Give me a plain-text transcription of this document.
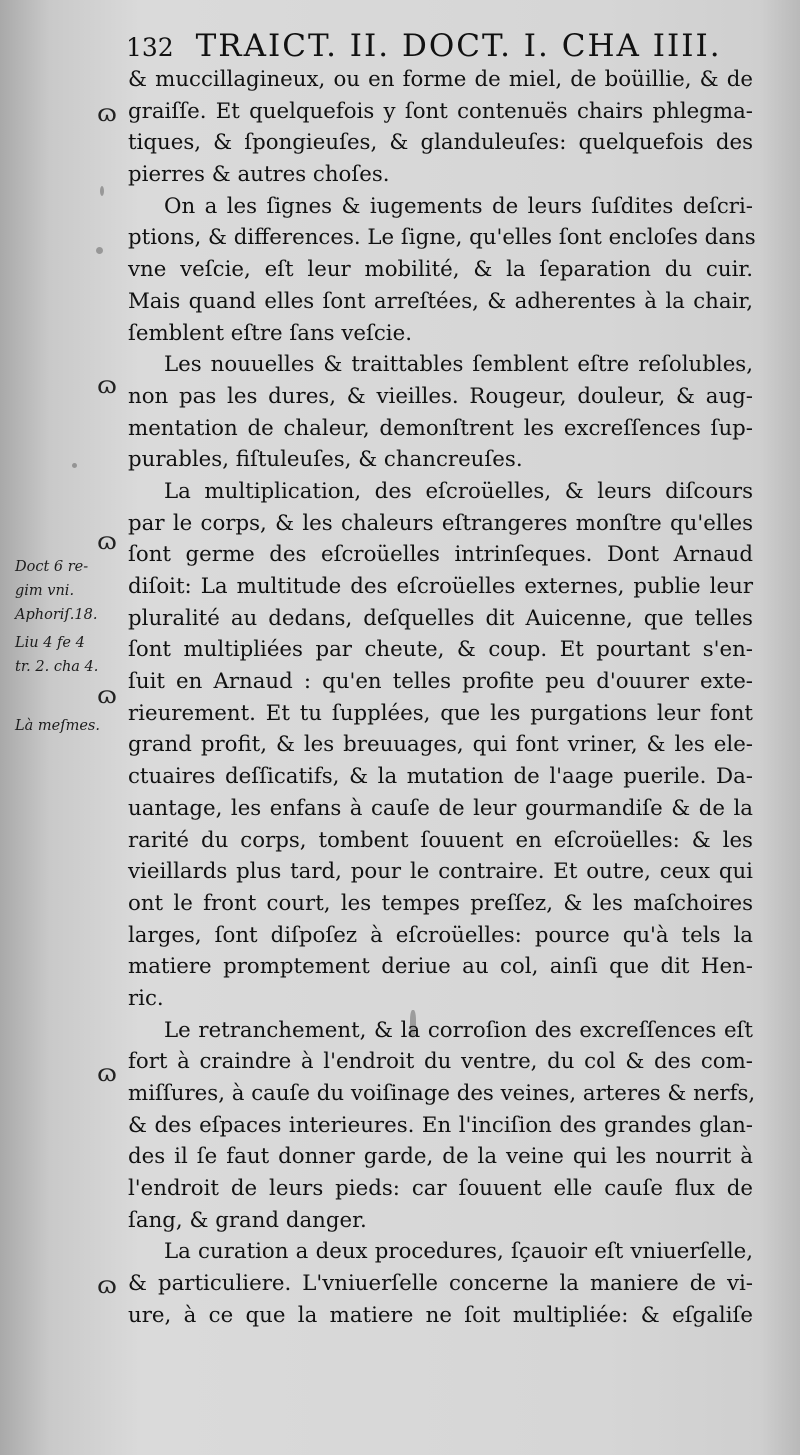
132 TRAICT. II. DOCT. I. CHA IIII.
& muccillagineux, ou en forme de miel, de boüillie, & de
graiſſe. Et quelquefois y ſont contenuës chairs phlegma-
tiques, & ſpongieuſes, & glanduleuſes: quelquefois des
pierres & autres choſes.
On a les ſignes & iugements de leurs ſuſdites deſcri-
ptions, & differences. Le ſigne, qu'elles ſont encloſes dans
vne veſcie, eſt leur mobilité, & la ſeparation du cuir.
Mais quand elles ſont arreſtées, & adherentes à la chair,
ſemblent eſtre ſans veſcie.
Les nouuelles & traittables ſemblent eſtre reſolubles,
non pas les dures, & vieilles. Rougeur, douleur, & aug-
mentation de chaleur, demonſtrent les excreſſences ſup-
purables, fiſtuleuſes, & chancreuſes.
La multiplication, des eſcroüelles, & leurs diſcours
par le corps, & les chaleurs eſtrangeres monſtre qu'elles
ſont germe des eſcroüelles intrinſeques. Dont Arnaud
diſoit: La multitude des eſcroüelles externes, publie leur
pluralité au dedans, deſquelles dit Auicenne, que telles
ſont multipliées par cheute, & coup. Et pourtant s'en-
ſuit en Arnaud : qu'en telles profite peu d'ouurer exte-
rieurement. Et tu ſupplées, que les purgations leur font
grand profit, & les breuuages, qui font vriner, & les ele-
ctuaires deſſicatifs, & la mutation de l'aage puerile. Da-
uantage, les enfans à cauſe de leur gourmandiſe & de la
rarité du corps, tombent ſouuent en eſcroüelles: & les
vieillards plus tard, pour le contraire. Et outre, ceux qui
ont le front court, les tempes preſſez, & les maſchoires
larges, ſont diſpoſez à eſcroüelles: pource qu'à tels la
matiere promptement deriue au col, ainſi que dit Hen-
ric.
Le retranchement, & la corroſion des excreſſences eſt
fort à craindre à l'endroit du ventre, du col & des com-
miſſures, à cauſe du voiſinage des veines, arteres & nerfs,
& des eſpaces interieures. En l'inciſion des grandes glan-
des il ſe faut donner garde, de la veine qui les nourrit à
l'endroit de leurs pieds: car ſouuent elle cauſe flux de
ſang, & grand danger.
La curation a deux procedures, ſçauoir eſt vniuerſelle,
& particuliere. L'vniuerſelle concerne la maniere de vi-
ure, à ce que la matiere ne ſoit multipliée: & eſgaliſe
Doct 6 re-
gim vni.
Aphoriſ.18.
Liu 4 fe 4
tr. 2. cha 4.
Là meſmes.
ɷ
ɷ
ɷ
ɷ
ɷ
ɷ
